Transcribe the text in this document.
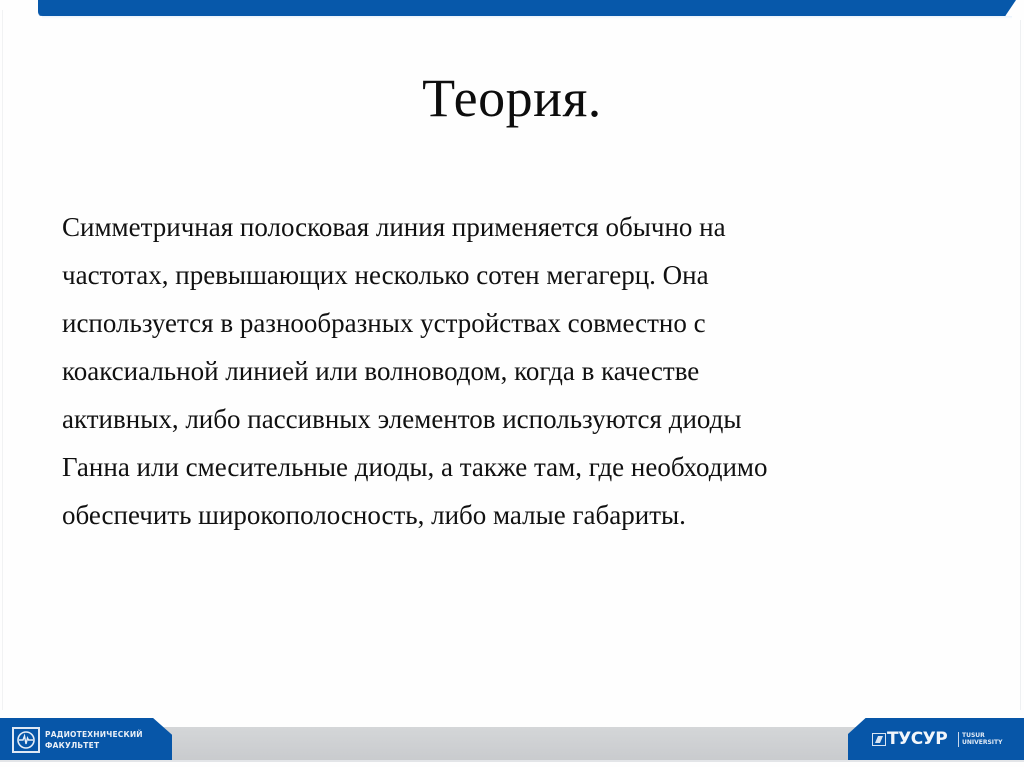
Теория.

Симметричная полосковая линия применяется обычно на
частотах, превышающих несколько сотен мегагерц. Она
используется в разнообразных устройствах совместно с
коаксиальной линией или волноводом, когда в качестве
активных, либо пассивных элементов используются диоды
Ганна или смесительные диоды, а также там, где необходимо
обеспечить широкополосность, либо малые габариты.

РАДИОТЕХНИЧЕСКИЙ
ФАКУЛЬТЕТ	ТУСУР TUSUR
UNIVERSITY
